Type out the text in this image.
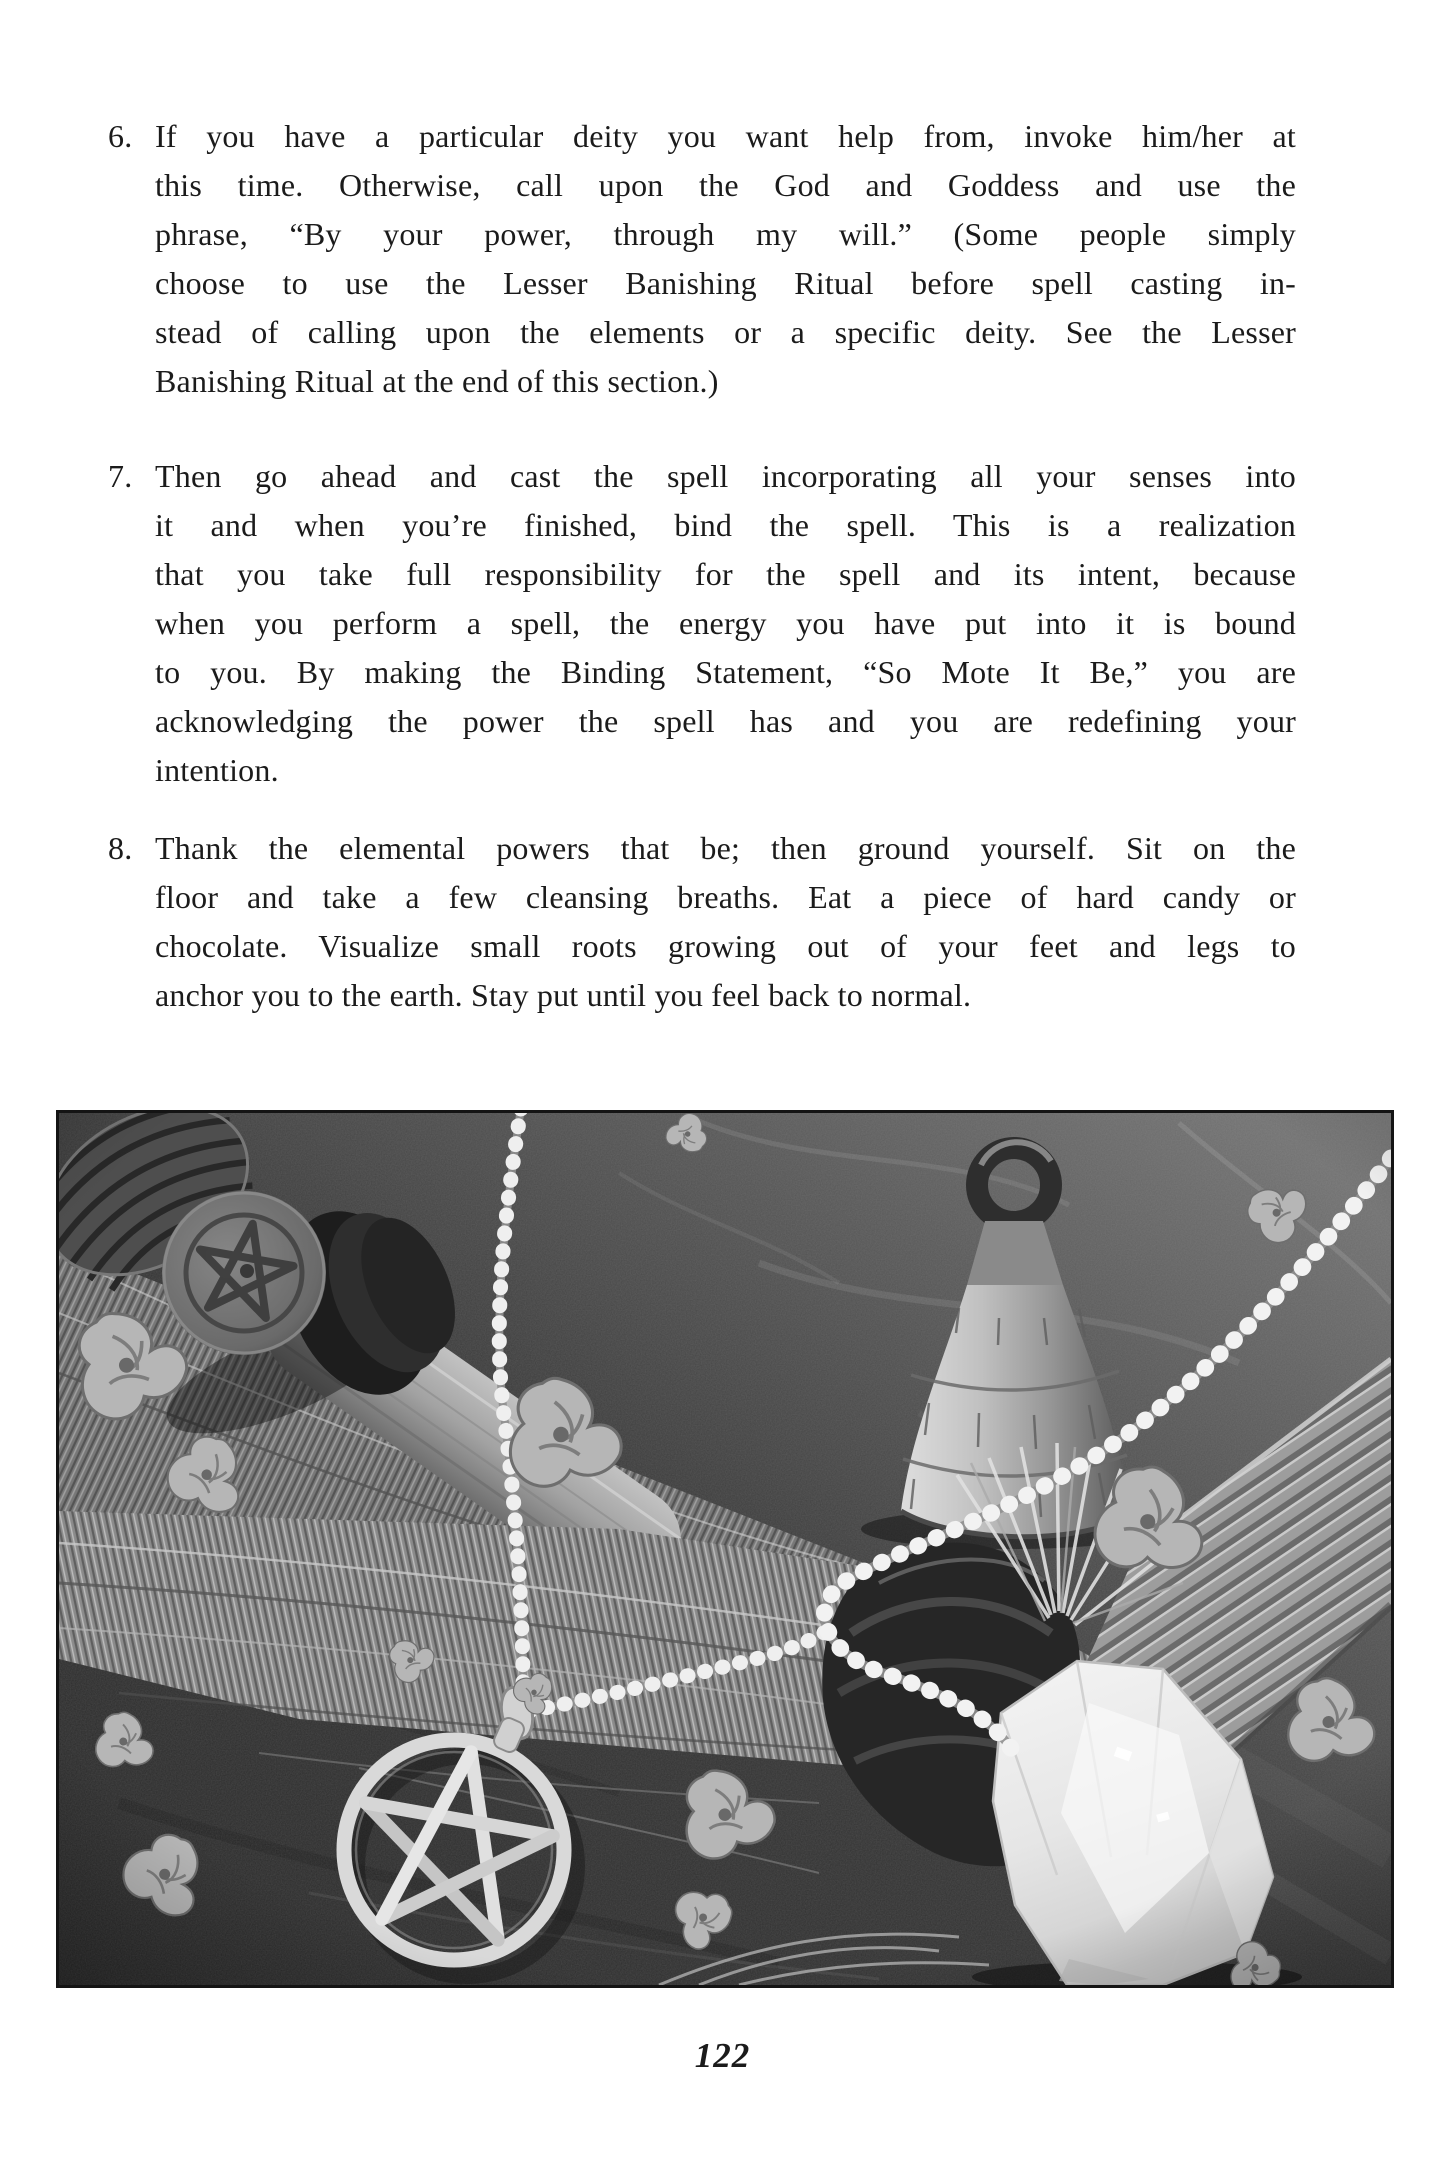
6. If you have a particular deity you want help from, invoke him/her at
this time. Otherwise, call upon the God and Goddess and use the
phrase, “By your power, through my will.” (Some people simply
choose to use the Lesser Banishing Ritual before spell casting in-
stead of calling upon the elements or a specific deity. See the Lesser
Banishing Ritual at the end of this section.)
7. Then go ahead and cast the spell incorporating all your senses into
it and when you’re finished, bind the spell. This is a realization
that you take full responsibility for the spell and its intent, because
when you perform a spell, the energy you have put into it is bound
to you. By making the Binding Statement, “So Mote It Be,” you are
acknowledging the power the spell has and you are redefining your
intention.
8. Thank the elemental powers that be; then ground yourself. Sit on the
floor and take a few cleansing breaths. Eat a piece of hard candy or
chocolate. Visualize small roots growing out of your feet and legs to
anchor you to the earth. Stay put until you feel back to normal.
122
